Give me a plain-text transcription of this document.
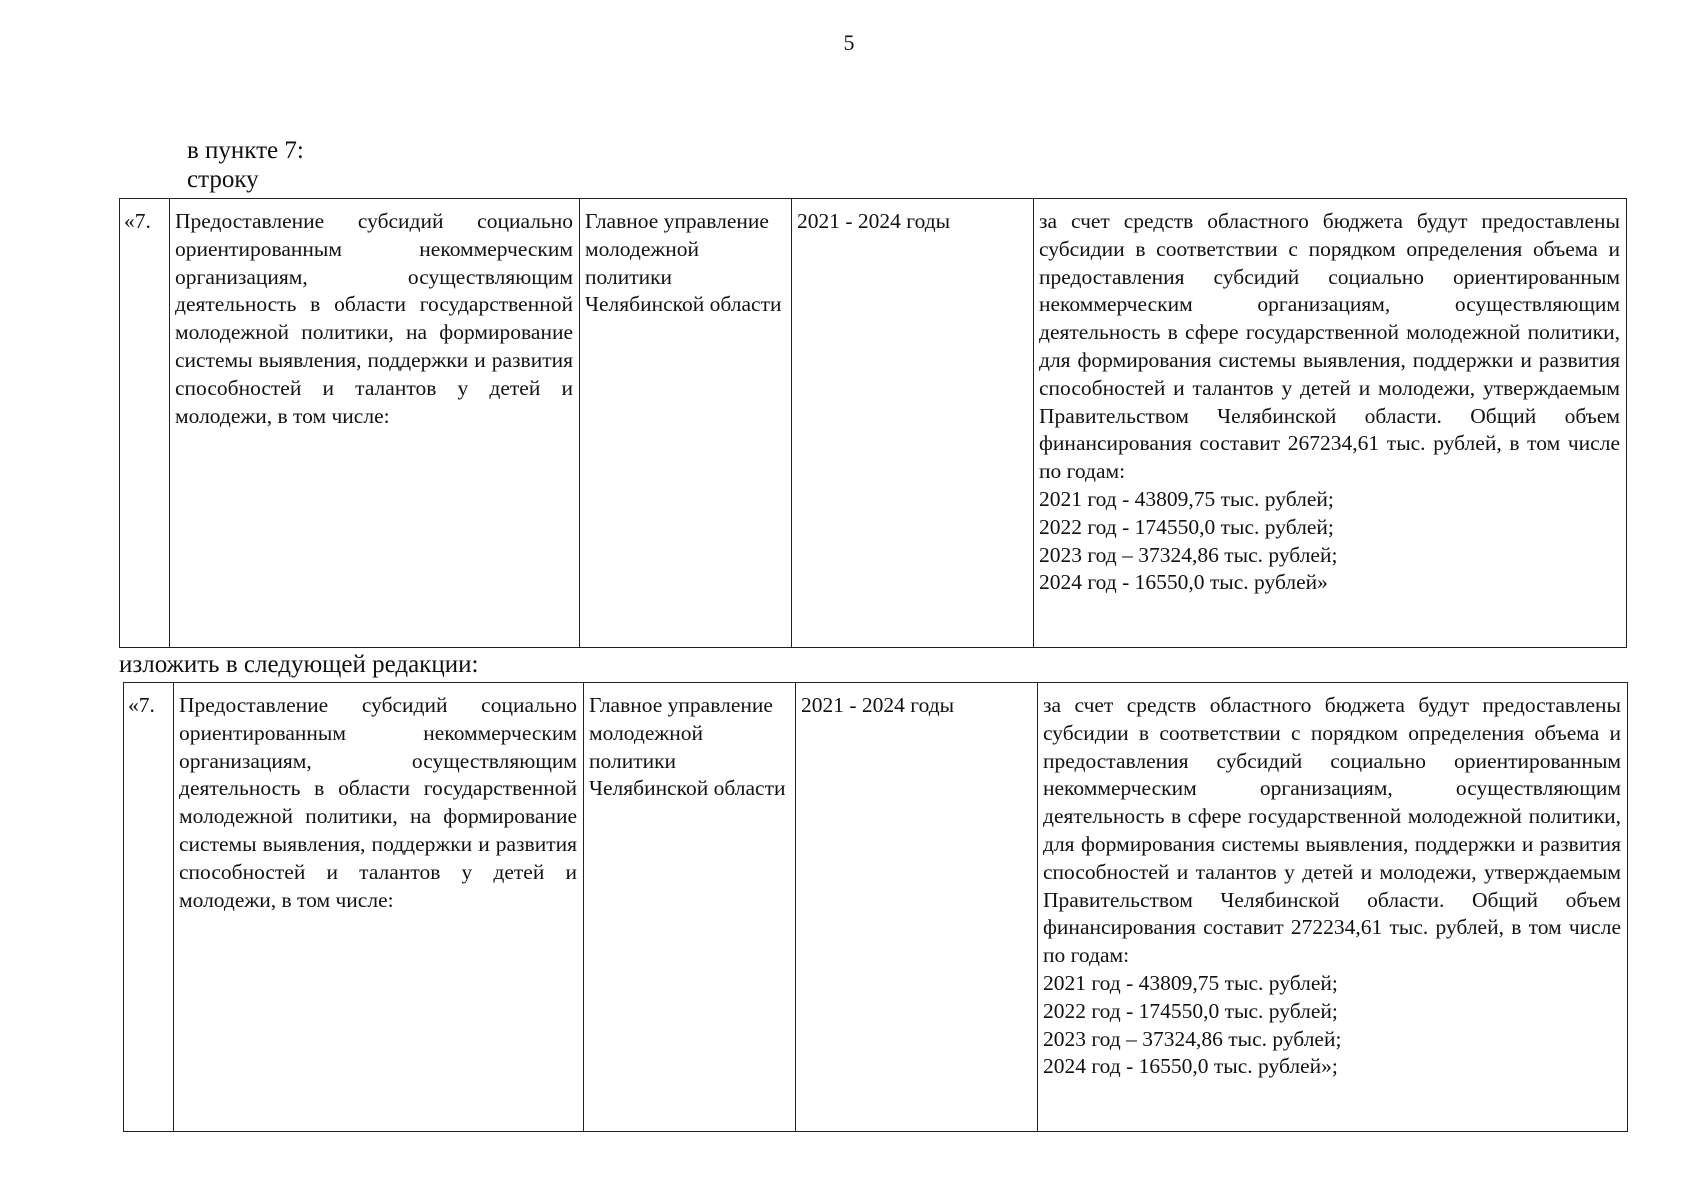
5
в пункте 7:
строку
«7.	Предоставление субсидий социально ориентированным некоммерческим организациям, осуществляющим деятельность в области государственной молодежной политики, на формирование системы выявления, поддержки и развития способностей и талантов у детей и молодежи, в том числе:	Главное управление молодежной политики Челябинской области	2021 - 2024 годы	за счет средств областного бюджета будут предоставлены субсидии в соответствии с порядком определения объема и предоставления субсидий социально ориентированным некоммерческим организациям, осуществляющим деятельность в сфере государственной молодежной политики, для формирования системы выявления, поддержки и развития способностей и талантов у детей и молодежи, утверждаемым Правительством Челябинской области. Общий объем финансирования составит 267234,61 тыс. рублей, в том числе по годам:
2021 год - 43809,75 тыс. рублей;
2022 год - 174550,0 тыс. рублей;
2023 год – 37324,86 тыс. рублей;
2024 год - 16550,0 тыс. рублей»
изложить в следующей редакции:
«7.	Предоставление субсидий социально ориентированным некоммерческим организациям, осуществляющим деятельность в области государственной молодежной политики, на формирование системы выявления, поддержки и развития способностей и талантов у детей и молодежи, в том числе:	Главное управление молодежной политики Челябинской области	2021 - 2024 годы	за счет средств областного бюджета будут предоставлены субсидии в соответствии с порядком определения объема и предоставления субсидий социально ориентированным некоммерческим организациям, осуществляющим деятельность в сфере государственной молодежной политики, для формирования системы выявления, поддержки и развития способностей и талантов у детей и молодежи, утверждаемым Правительством Челябинской области. Общий объем финансирования составит 272234,61 тыс. рублей, в том числе по годам:
2021 год - 43809,75 тыс. рублей;
2022 год - 174550,0 тыс. рублей;
2023 год – 37324,86 тыс. рублей;
2024 год - 16550,0 тыс. рублей»;
